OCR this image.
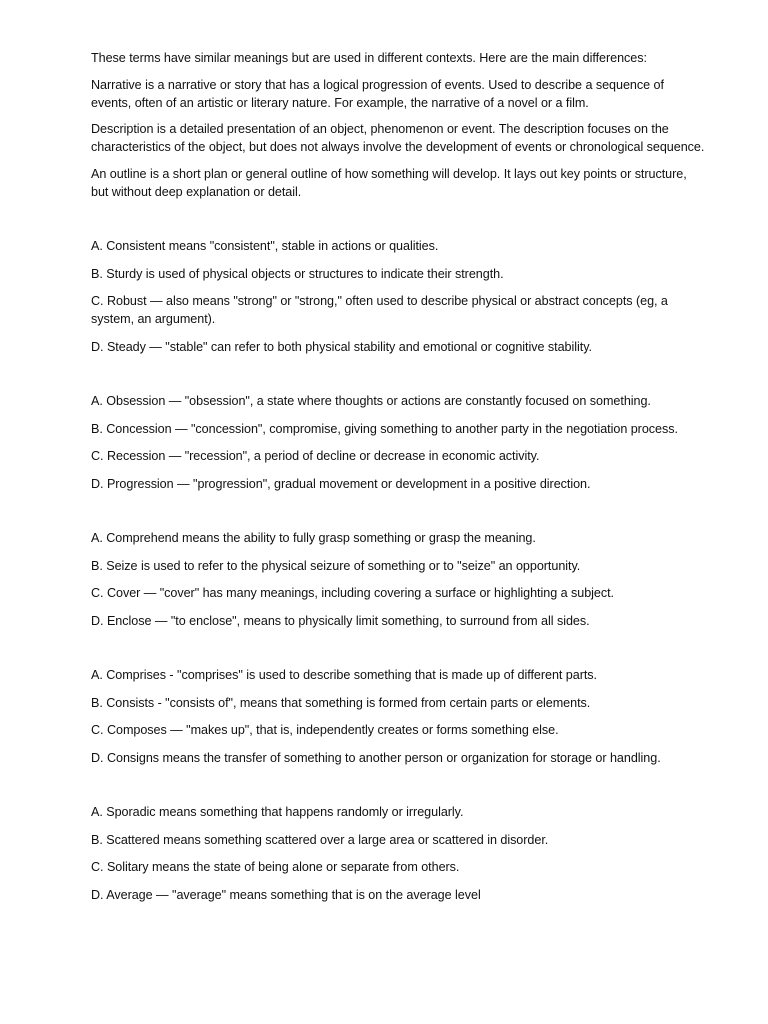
These terms have similar meanings but are used in different contexts. Here are the main differences:

Narrative is a narrative or story that has a logical progression of events. Used to describe a sequence of events, often of an artistic or literary nature. For example, the narrative of a novel or a film.

Description is a detailed presentation of an object, phenomenon or event. The description focuses on the characteristics of the object, but does not always involve the development of events or chronological sequence.

An outline is a short plan or general outline of how something will develop. It lays out key points or structure, but without deep explanation or detail.

A. Consistent means "consistent", stable in actions or qualities.

B. Sturdy is used of physical objects or structures to indicate their strength.

C. Robust — also means "strong" or "strong," often used to describe physical or abstract concepts (eg, a system, an argument).

D. Steady — "stable" can refer to both physical stability and emotional or cognitive stability.

A. Obsession — "obsession", a state where thoughts or actions are constantly focused on something.

B. Concession — "concession", compromise, giving something to another party in the negotiation process.

C. Recession — "recession", a period of decline or decrease in economic activity.

D. Progression — "progression", gradual movement or development in a positive direction.

A. Comprehend means the ability to fully grasp something or grasp the meaning.

B. Seize is used to refer to the physical seizure of something or to "seize" an opportunity.

C. Cover — "cover" has many meanings, including covering a surface or highlighting a subject.

D. Enclose — "to enclose", means to physically limit something, to surround from all sides.

A. Comprises - "comprises" is used to describe something that is made up of different parts.

B. Consists - "consists of", means that something is formed from certain parts or elements.

C. Composes — "makes up", that is, independently creates or forms something else.

D. Consigns means the transfer of something to another person or organization for storage or handling.

A. Sporadic means something that happens randomly or irregularly.

B. Scattered means something scattered over a large area or scattered in disorder.

C. Solitary means the state of being alone or separate from others.

D. Average — "average" means something that is on the average level
